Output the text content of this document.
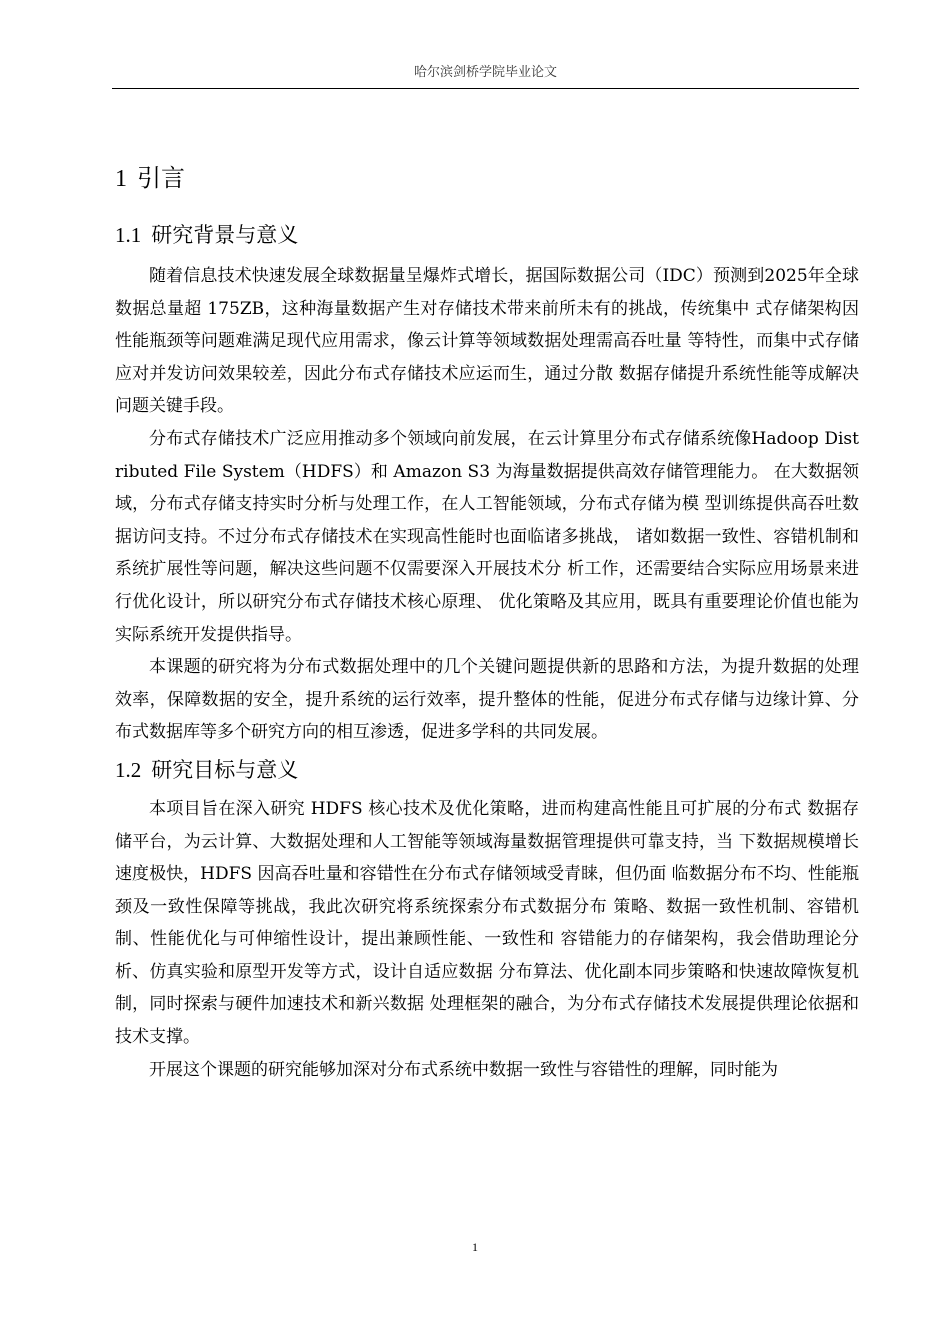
哈尔滨剑桥学院毕业论文
1 引言
1.1 研究背景与意义

随着信息技术快速发展全球数据量呈爆炸式增长，据国际数据公司（IDC）预测到2025年全球数据总量超 175ZB，这种海量数据产生对存储技术带来前所未有的挑战，传统集中 式存储架构因性能瓶颈等问题难满足现代应用需求，像云计算等领域数据处理需高吞吐量 等特性，而集中式存储应对并发访问效果较差，因此分布式存储技术应运而生，通过分散 数据存储提升系统性能等成解决问题关键手段。

分布式存储技术广泛应用推动多个领域向前发展，在云计算里分布式存储系统像Hadoop Distributed File System（HDFS）和 Amazon S3 为海量数据提供高效存储管理能力。 在大数据领域，分布式存储支持实时分析与处理工作，在人工智能领域，分布式存储为模 型训练提供高吞吐数据访问支持。不过分布式存储技术在实现高性能时也面临诸多挑战， 诸如数据一致性、容错机制和系统扩展性等问题，解决这些问题不仅需要深入开展技术分 析工作，还需要结合实际应用场景来进行优化设计，所以研究分布式存储技术核心原理、 优化策略及其应用，既具有重要理论价值也能为实际系统开发提供指导。

本课题的研究将为分布式数据处理中的几个关键问题提供新的思路和方法，为提升数据的处理效率，保障数据的安全，提升系统的运行效率，提升整体的性能，促进分布式存储与边缘计算、分布式数据库等多个研究方向的相互渗透，促进多学科的共同发展。

1.2 研究目标与意义

本项目旨在深入研究 HDFS 核心技术及优化策略，进而构建高性能且可扩展的分布式 数据存储平台，为云计算、大数据处理和人工智能等领域海量数据管理提供可靠支持，当 下数据规模增长速度极快，HDFS 因高吞吐量和容错性在分布式存储领域受青睐，但仍面 临数据分布不均、性能瓶颈及一致性保障等挑战，我此次研究将系统探索分布式数据分布 策略、数据一致性机制、容错机制、性能优化与可伸缩性设计，提出兼顾性能、一致性和 容错能力的存储架构，我会借助理论分析、仿真实验和原型开发等方式，设计自适应数据 分布算法、优化副本同步策略和快速故障恢复机制，同时探索与硬件加速技术和新兴数据 处理框架的融合，为分布式存储技术发展提供理论依据和技术支撑。

开展这个课题的研究能够加深对分布式系统中数据一致性与容错性的理解，同时能为

1
